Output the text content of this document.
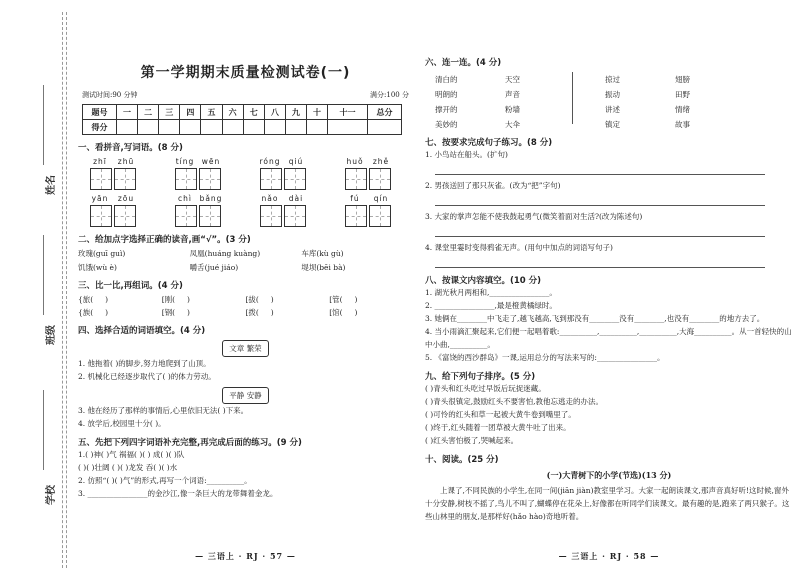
姓名
班级
学校
第一学期期末质量检测试卷(一)
测试时间:90 分钟	满分:100 分
题号	一	二	三	四	五	六	七	八	九	十	十一	总分
得分												
一、看拼音,写词语。(8 分)
zhī zhū	tíng wēn	róng qiú	huǒ zhě
yān zōu	chì bǎng	nǎo dài	fú qín
二、给加点字选择正确的读音,画“√”。(3 分)
玫瑰(guī guì)	凤凰(huáng kuàng)	车库(kù gù)
饥饿(wù è)	嚼舌(jué jiáo)	堤坝(bēi bà)
三、比一比,再组词。(4 分)
{旅( )	[刚( )	[拔( )	[管( )
{族( )	[钢( )	[拨( )	[馆( )
四、选择合适的词语填空。(4 分)
文章 繁荣
1. 他拖着( )的脚步,努力地爬到了山顶。
2. 机械化已经逐步取代了( )的体力劳动。
平静 安静
3. 他在经历了那样的事情后,心里依旧无法( )下来。
4. 放学后,校园里十分( )。
五、先把下列四字词语补充完整,再完成后面的练习。(9 分)
1.( )神( )气 祸福( )( ) 成( )( )队
( )( )壮阔 ( )( )龙发 吞( )( )水
2. 仿照“( )( )气”的形式,再写一个词语:__________。
3. ________________的金沙江,像一条巨大的龙带舞着金龙。
— 三语上 · RJ · 57 —
六、连一连。(4 分)
清白的	天空	掠过	翅膀
明朗的	声音	振动	田野
撑开的	粉墙	讲述	情绪
美妙的	大伞	镇定	故事
七、按要求完成句子练习。(8 分)
1. 小鸟站在船头。(扩句)
2. 男孩送回了那只灰雀。(改为“把”字句)
3. 大家的掌声怎能不使我鼓起勇气(微笑着面对生活?(改为陈述句)
4. 课堂里霎时变得鸦雀无声。(用句中加点的词语写句子)
八、按课文内容填空。(10 分)
1. 湖光秋月两相和,________________。
2. ________________,最是橙黄橘绿时。
3. 她俩在________中飞走了,越飞越高,飞到那没有________没有________,也没有________的地方去了。
4. 当小雨滴汇聚起来,它们便一起唱着歌:__________,__________,__________,大海__________。从一首轻快的山中小曲,__________。
5. 《富饶的西沙群岛》一课,运用总分的写法来写的:________________。
九、给下列句子排序。(5 分)
( )青头和红头吃过早饭后玩捉迷藏。
( )青头很镇定,鼓励红头不要害怕,教他忘逃走的办法。
( )可怜的红头和草一起被大黄牛卷到嘴里了。
( )终于,红头随着一团草被大黄牛吐了出来。
( )红头害怕极了,哭喊起来。
十、阅读。(25 分)
(一)大青树下的小学(节选)(13 分)
上课了,不同民族的小学生,在同一间(jiān jiàn)教室里学习。大家一起朗读课文,那声音真好听!这时候,窗外十分安静,树枝不摇了,鸟儿不叫了,蝴蝶停在花朵上,好像都在听同学们读课文。最有趣的是,跑来了两只猴子。这些山林里的朋友,是那样好(hǎo hào)奇地听着。
— 三语上 · RJ · 58 —
